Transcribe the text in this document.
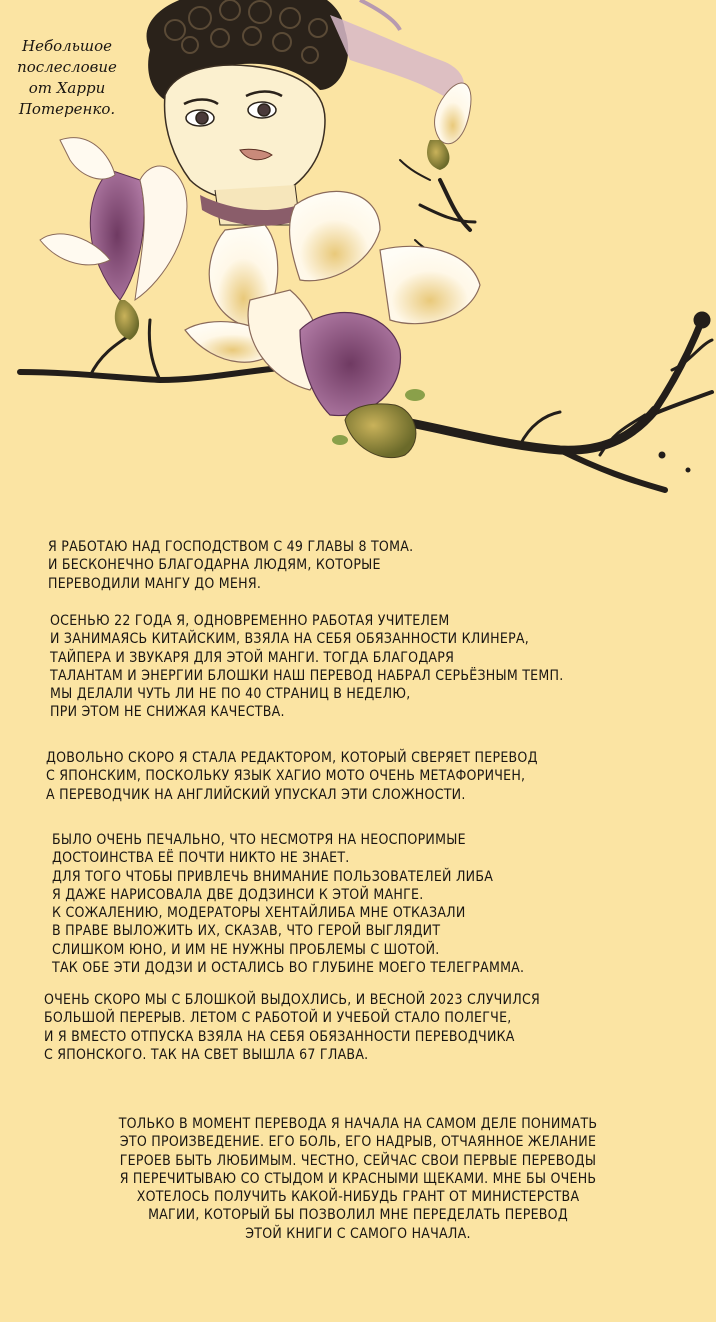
Небольшое
послесловие
от Харри
Потеренко.
Я РАБОТАЮ НАД ГОСПОДСТВОМ С 49 ГЛАВЫ 8 ТОМА.
И БЕСКОНЕЧНО БЛАГОДАРНА ЛЮДЯМ, КОТОРЫЕ
ПЕРЕВОДИЛИ МАНГУ ДО МЕНЯ.
ОСЕНЬЮ 22 ГОДА Я, ОДНОВРЕМЕННО РАБОТАЯ УЧИТЕЛЕМ
И ЗАНИМАЯСЬ КИТАЙСКИМ, ВЗЯЛА НА СЕБЯ ОБЯЗАННОСТИ КЛИНЕРА,
ТАЙПЕРА И ЗВУКАРЯ ДЛЯ ЭТОЙ МАНГИ. ТОГДА БЛАГОДАРЯ
ТАЛАНТАМ И ЭНЕРГИИ БЛОШКИ НАШ ПЕРЕВОД НАБРАЛ СЕРЬЁЗНЫМ ТЕМП.
МЫ ДЕЛАЛИ ЧУТЬ ЛИ НЕ ПО 40 СТРАНИЦ В НЕДЕЛЮ,
ПРИ ЭТОМ НЕ СНИЖАЯ КАЧЕСТВА.
ДОВОЛЬНО СКОРО Я СТАЛА РЕДАКТОРОМ, КОТОРЫЙ СВЕРЯЕТ ПЕРЕВОД
С ЯПОНСКИМ, ПОСКОЛЬКУ ЯЗЫК ХАГИО МОТО ОЧЕНЬ МЕТАФОРИЧЕН,
А ПЕРЕВОДЧИК НА АНГЛИЙСКИЙ УПУСКАЛ ЭТИ СЛОЖНОСТИ.
БЫЛО ОЧЕНЬ ПЕЧАЛЬНО, ЧТО НЕСМОТРЯ НА НЕОСПОРИМЫЕ
ДОСТОИНСТВА ЕЁ ПОЧТИ НИКТО НЕ ЗНАЕТ.
ДЛЯ ТОГО ЧТОБЫ ПРИВЛЕЧЬ ВНИМАНИЕ ПОЛЬЗОВАТЕЛЕЙ ЛИБА
Я ДАЖЕ НАРИСОВАЛА ДВЕ ДОДЗИНСИ К ЭТОЙ МАНГЕ.
К СОЖАЛЕНИЮ, МОДЕРАТОРЫ ХЕНТАЙЛИБА МНЕ ОТКАЗАЛИ
В ПРАВЕ ВЫЛОЖИТЬ ИХ, СКАЗАВ, ЧТО ГЕРОЙ ВЫГЛЯДИТ
СЛИШКОМ ЮНО, И ИМ НЕ НУЖНЫ ПРОБЛЕМЫ С ШОТОЙ.
ТАК ОБЕ ЭТИ ДОДЗИ И ОСТАЛИСЬ ВО ГЛУБИНЕ МОЕГО ТЕЛЕГРАММА.
ОЧЕНЬ СКОРО МЫ С БЛОШКОЙ ВЫДОХЛИСЬ, И ВЕСНОЙ 2023 СЛУЧИЛСЯ
БОЛЬШОЙ ПЕРЕРЫВ. ЛЕТОМ С РАБОТОЙ И УЧЕБОЙ СТАЛО ПОЛЕГЧЕ,
И Я ВМЕСТО ОТПУСКА ВЗЯЛА НА СЕБЯ ОБЯЗАННОСТИ ПЕРЕВОДЧИКА
С ЯПОНСКОГО. ТАК НА СВЕТ ВЫШЛА 67 ГЛАВА.
ТОЛЬКО В МОМЕНТ ПЕРЕВОДА Я НАЧАЛА НА САМОМ ДЕЛЕ ПОНИМАТЬ
ЭТО ПРОИЗВЕДЕНИЕ. ЕГО БОЛЬ, ЕГО НАДРЫВ, ОТЧАЯННОЕ ЖЕЛАНИЕ
ГЕРОЕВ БЫТЬ ЛЮБИМЫМ. ЧЕСТНО, СЕЙЧАС СВОИ ПЕРВЫЕ ПЕРЕВОДЫ
Я ПЕРЕЧИТЫВАЮ СО СТЫДОМ И КРАСНЫМИ ЩЕКАМИ. МНЕ БЫ ОЧЕНЬ
ХОТЕЛОСЬ ПОЛУЧИТЬ КАКОЙ-НИБУДЬ ГРАНТ ОТ МИНИСТЕРСТВА
МАГИИ, КОТОРЫЙ БЫ ПОЗВОЛИЛ МНЕ ПЕРЕДЕЛАТЬ ПЕРЕВОД
ЭТОЙ КНИГИ С САМОГО НАЧАЛА.
